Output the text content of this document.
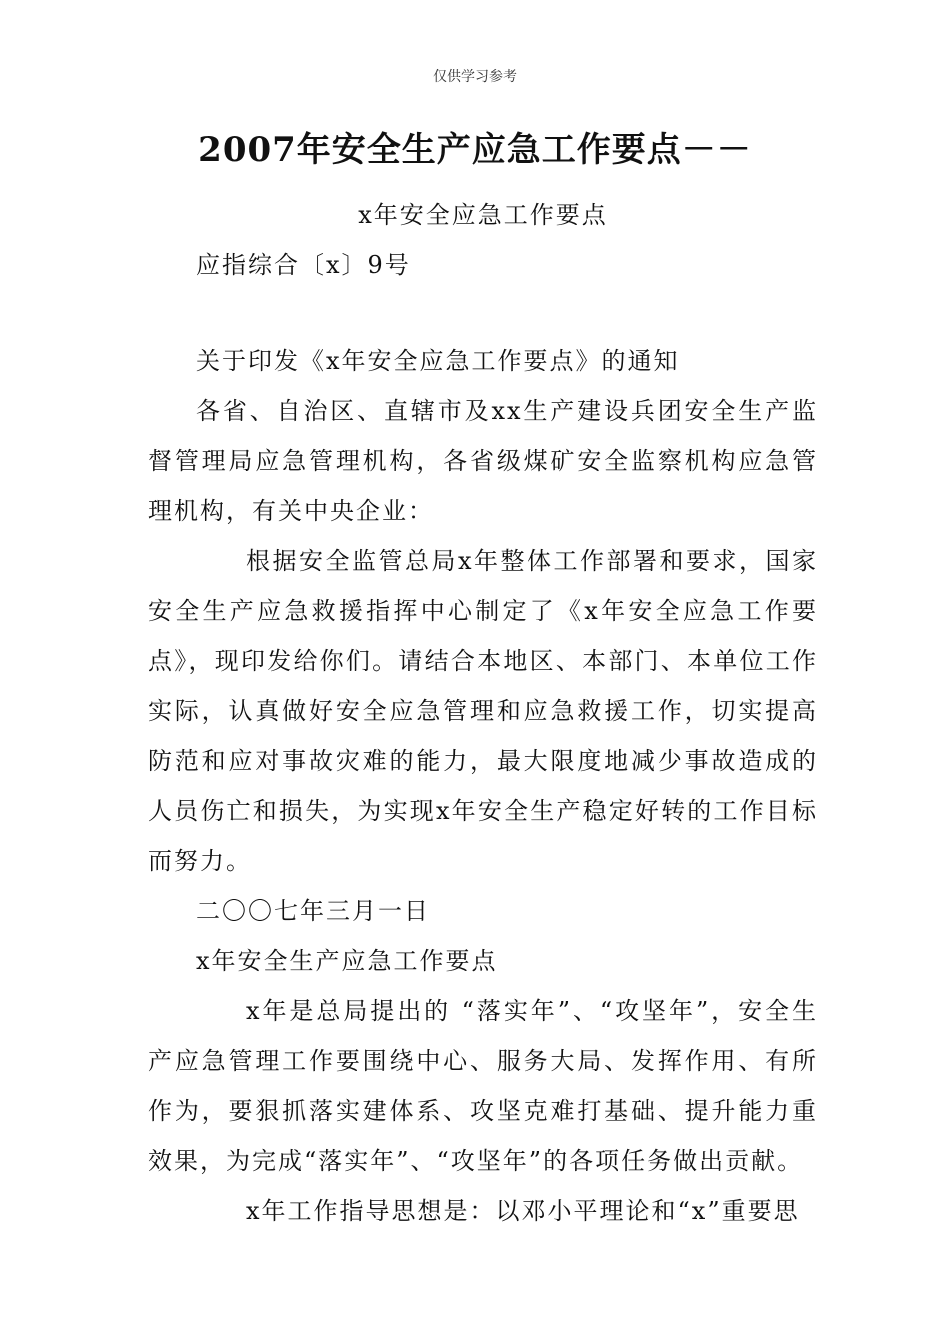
仅供学习参考
2007年安全生产应急工作要点－－

x年安全应急工作要点

应指综合〔x〕9号

关于印发《x年安全应急工作要点》的通知

各省、自治区、直辖市及xx生产建设兵团安全生产监督管理局应急管理机构，各省级煤矿安全监察机构应急管理机构，有关中央企业：

根据安全监管总局x年整体工作部署和要求，国家安全生产应急救援指挥中心制定了《x年安全应急工作要点》，现印发给你们。请结合本地区、本部门、本单位工作实际，认真做好安全应急管理和应急救援工作，切实提高防范和应对事故灾难的能力，最大限度地减少事故造成的人员伤亡和损失，为实现x年安全生产稳定好转的工作目标而努力。

二〇〇七年三月一日

x年安全生产应急工作要点

x年是总局提出的 “落实年”、“攻坚年”，安全生产应急管理工作要围绕中心、服务大局、发挥作用、有所作为，要狠抓落实建体系、攻坚克难打基础、提升能力重效果，为完成“落实年”、“攻坚年”的各项任务做出贡献。

x年工作指导思想是：以邓小平理论和“x”重要思
